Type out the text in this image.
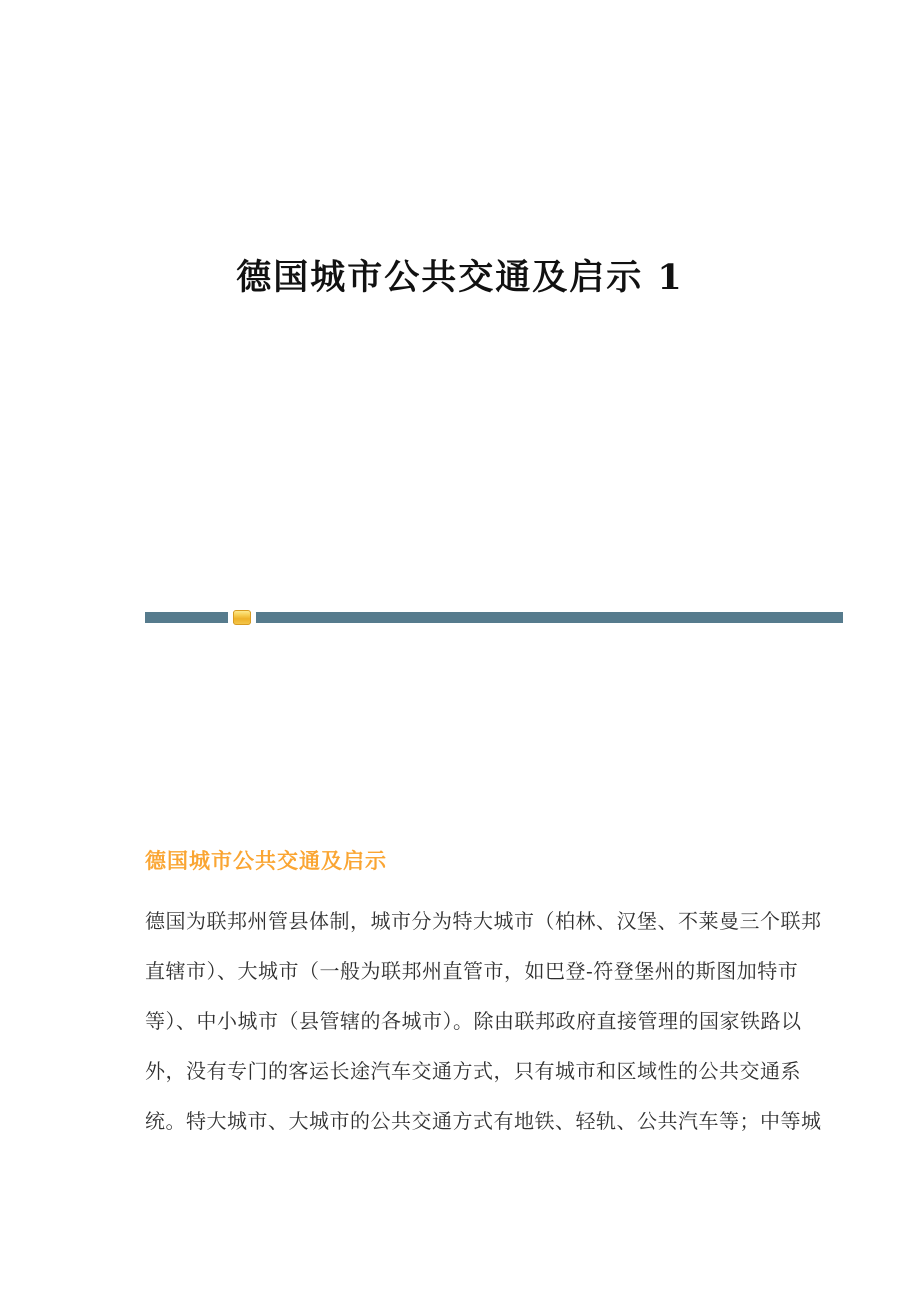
德国城市公共交通及启示 1
德国城市公共交通及启示
德国为联邦州管县体制，城市分为特大城市（柏林、汉堡、不莱曼三个联邦
直辖市）、大城市（一般为联邦州直管市，如巴登-符登堡州的斯图加特市
等）、中小城市（县管辖的各城市）。除由联邦政府直接管理的国家铁路以
外，没有专门的客运长途汽车交通方式，只有城市和区域性的公共交通系
统。特大城市、大城市的公共交通方式有地铁、轻轨、公共汽车等；中等城
